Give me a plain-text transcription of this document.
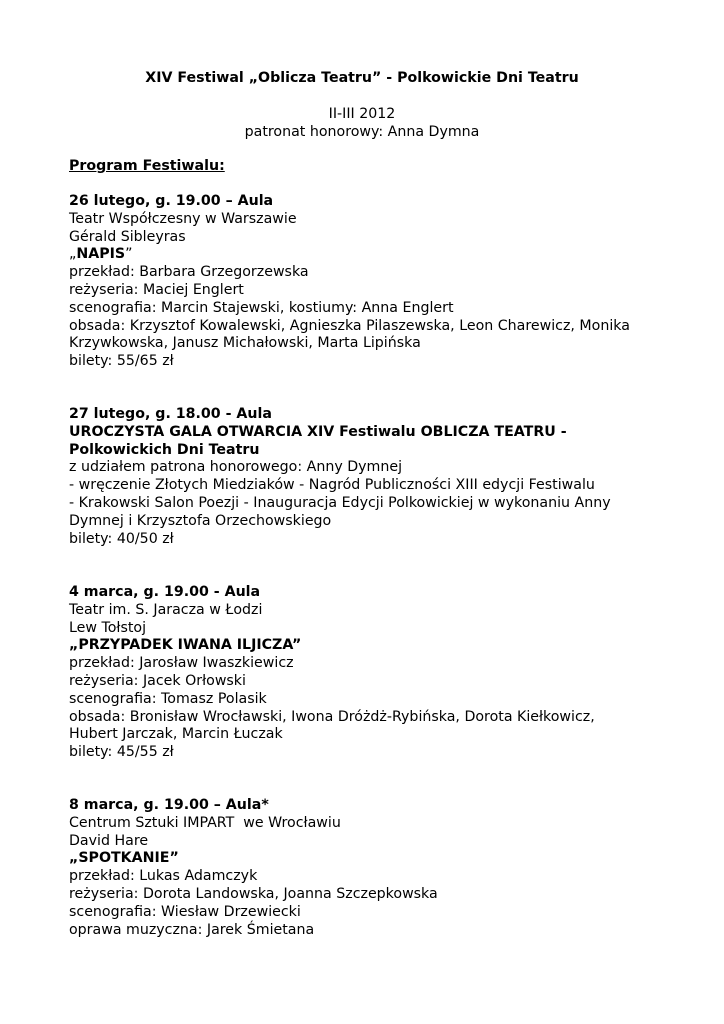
XIV Festiwal „Oblicza Teatru” - Polkowickie Dni Teatru
II-III 2012
patronat honorowy: Anna Dymna
Program Festiwalu:
26 lutego, g. 19.00 – Aula
Teatr Współczesny w Warszawie
Gérald Sibleyras
„NAPIS”
przekład: Barbara Grzegorzewska
reżyseria: Maciej Englert
scenografia: Marcin Stajewski, kostiumy: Anna Englert
obsada: Krzysztof Kowalewski, Agnieszka Pilaszewska, Leon Charewicz, Monika
Krzywkowska, Janusz Michałowski, Marta Lipińska
bilety: 55/65 zł
27 lutego, g. 18.00 - Aula
UROCZYSTA GALA OTWARCIA XIV Festiwalu OBLICZA TEATRU -
Polkowickich Dni Teatru
z udziałem patrona honorowego: Anny Dymnej
- wręczenie Złotych Miedziaków - Nagród Publiczności XIII edycji Festiwalu
- Krakowski Salon Poezji - Inauguracja Edycji Polkowickiej w wykonaniu Anny
Dymnej i Krzysztofa Orzechowskiego
bilety: 40/50 zł
4 marca, g. 19.00 - Aula
Teatr im. S. Jaracza w Łodzi
Lew Tołstoj
„PRZYPADEK IWANA ILJICZA”
przekład: Jarosław Iwaszkiewicz
reżyseria: Jacek Orłowski
scenografia: Tomasz Polasik
obsada: Bronisław Wrocławski, Iwona Dróżdż-Rybińska, Dorota Kiełkowicz,
Hubert Jarczak, Marcin Łuczak
bilety: 45/55 zł
8 marca, g. 19.00 – Aula*
Centrum Sztuki IMPART  we Wrocławiu
David Hare
„SPOTKANIE”
przekład: Lukas Adamczyk
reżyseria: Dorota Landowska, Joanna Szczepkowska
scenografia: Wiesław Drzewiecki
oprawa muzyczna: Jarek Śmietana
